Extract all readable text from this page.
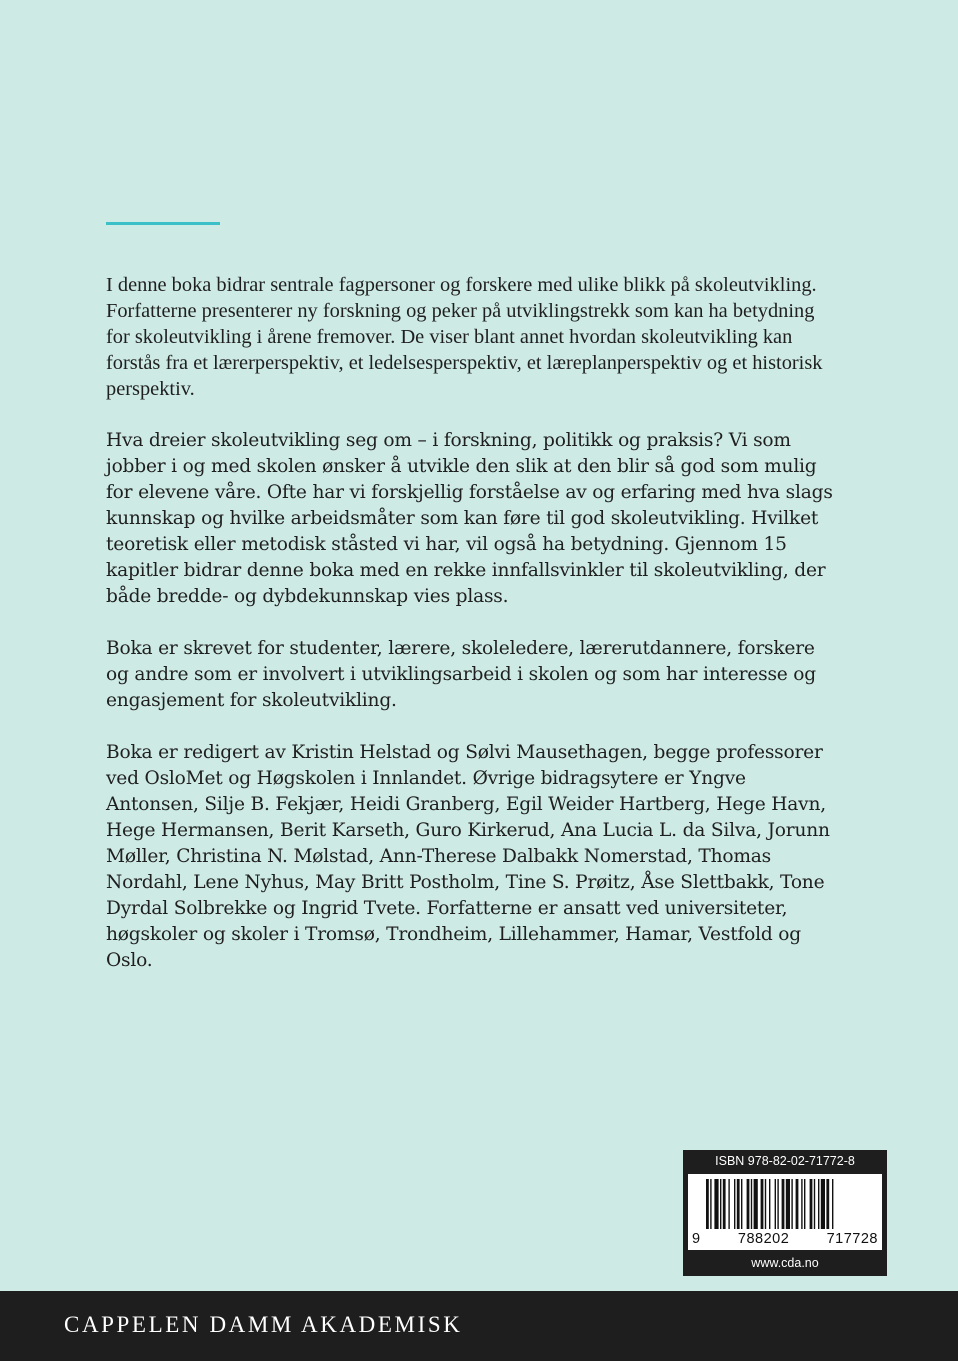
I denne boka bidrar sentrale fagpersoner og forskere med ulike blikk på skoleutvikling. Forfatterne presenterer ny forskning og peker på utviklingstrekk som kan ha betydning for skoleutvikling i årene fremover. De viser blant annet hvordan skoleutvikling kan forstås fra et lærerperspektiv, et ledelsesperspektiv, et læreplanperspektiv og et historisk perspektiv.

Hva dreier skoleutvikling seg om – i forskning, politikk og praksis? Vi som jobber i og med skolen ønsker å utvikle den slik at den blir så god som mulig for elevene våre. Ofte har vi forskjellig forståelse av og erfaring med hva slags kunnskap og hvilke arbeidsmåter som kan føre til god skoleutvikling. Hvilket teoretisk eller metodisk ståsted vi har, vil også ha betydning. Gjennom 15 kapitler bidrar denne boka med en rekke innfallsvinkler til skoleutvikling, der både bredde- og dybdekunnskap vies plass.

Boka er skrevet for studenter, lærere, skoleledere, lærerutdannere, forskere og andre som er involvert i utviklingsarbeid i skolen og som har interesse og engasjement for skoleutvikling.

Boka er redigert av Kristin Helstad og Sølvi Mausethagen, begge professorer ved OsloMet og Høgskolen i Innlandet. Øvrige bidragsytere er Yngve Antonsen, Silje B. Fekjær, Heidi Granberg, Egil Weider Hartberg, Hege Havn, Hege Hermansen, Berit Karseth, Guro Kirkerud, Ana Lucia L. da Silva, Jorunn Møller, Christina N. Mølstad, Ann-Therese Dalbakk Nomerstad, Thomas Nordahl, Lene Nyhus, May Britt Postholm, Tine S. Prøitz, Åse Slettbakk, Tone Dyrdal Solbrekke og Ingrid Tvete. Forfatterne er ansatt ved universiteter, høgskoler og skoler i Tromsø, Trondheim, Lillehammer, Hamar, Vestfold og Oslo.

ISBN 978-82-02-71772-8
9	788202	717728
www.cda.no
CAPPELEN DAMM AKADEMISK
